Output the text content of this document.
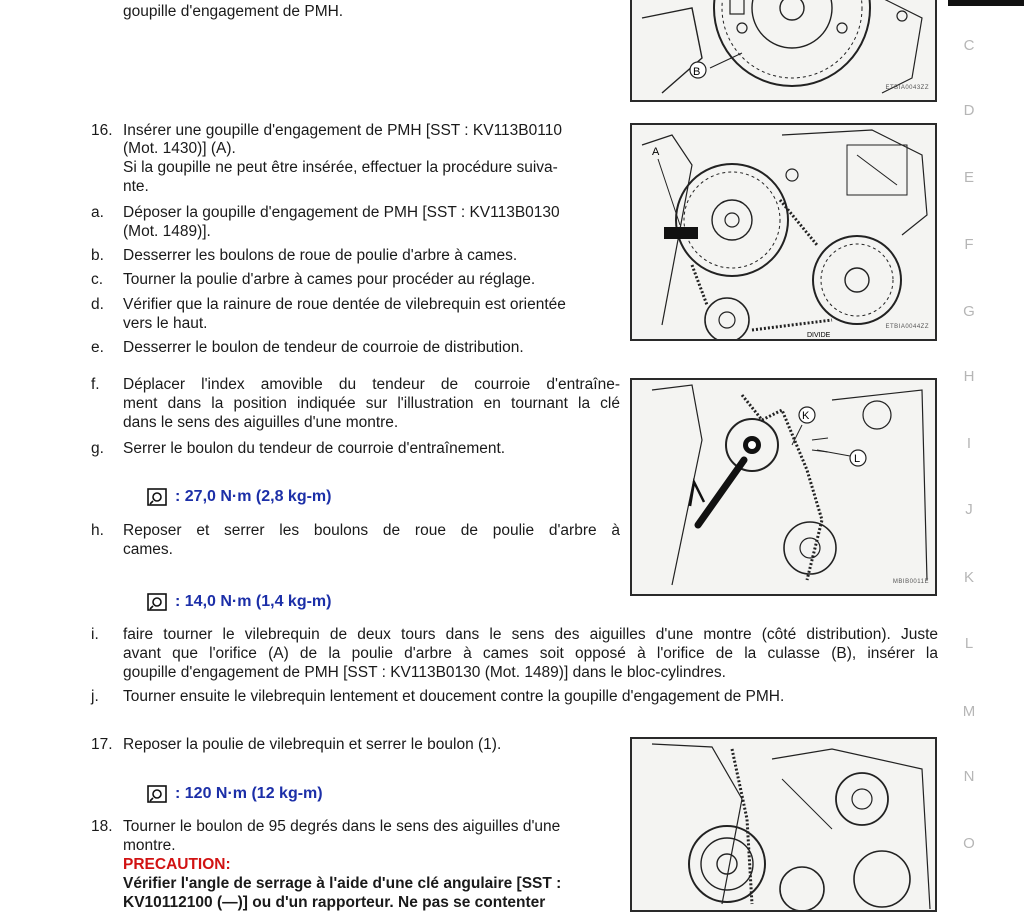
goupille d'engagement de PMH.
16. Insérer une goupille d'engagement de PMH [SST : KV113B0110
(Mot. 1430)] (A).
Si la goupille ne peut être insérée, effectuer la procédure suiva-
nte.
a.	Déposer la goupille d'engagement de PMH [SST : KV113B0130
(Mot. 1489)].
b.	Desserrer les boulons de roue de poulie d'arbre à cames.
c.	Tourner la poulie d'arbre à cames pour procéder au réglage.
d.	Vérifier que la rainure de roue dentée de vilebrequin est orientée
vers le haut.
e.	Desserrer le boulon de tendeur de courroie de distribution.
f.	Déplacer l'index amovible du tendeur de courroie d'entraîne-
ment dans la position indiquée sur l'illustration en tournant la clé
dans le sens des aiguilles d'une montre.
g.	Serrer le boulon du tendeur de courroie d'entraînement.
: 27,0 N·m (2,8 kg-m)
h.	Reposer et serrer les boulons de roue de poulie d'arbre à
cames.
: 14,0 N·m (1,4 kg-m)
i.	faire tourner le vilebrequin de deux tours dans le sens des aiguilles d'une montre (côté distribution). Juste
avant que l'orifice (A) de la poulie d'arbre à cames soit opposé à l'orifice de la culasse (B), insérer la
goupille d'engagement de PMH [SST : KV113B0130 (Mot. 1489)] dans le bloc-cylindres.
j.	Tourner ensuite le vilebrequin lentement et doucement contre la goupille d'engagement de PMH.
17. Reposer la poulie de vilebrequin et serrer le boulon (1).
: 120 N·m (12 kg-m)
18. Tourner le boulon de 95 degrés dans le sens des aiguilles d'une
montre.
PRECAUTION:
Vérifier l'angle de serrage à l'aide d'une clé angulaire [SST :
KV10112100 (—)] ou d'un rapporteur. Ne pas se contenter
B
ETBIA0043ZZ
A
DIVIDE
ETBIA0044ZZ
K
L
MBIB0011E
C
D
E
F
G
H
I
J
K
L
M
N
O
